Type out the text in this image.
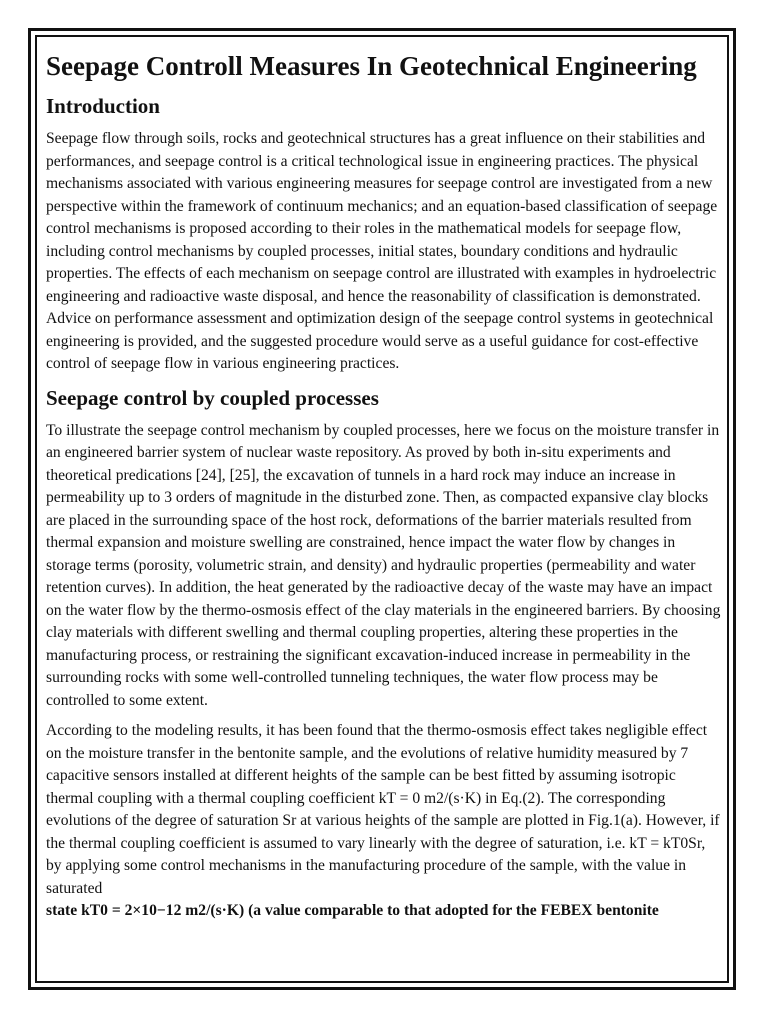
Seepage Controll Measures In Geotechnical Engineering
Introduction

Seepage flow through soils, rocks and geotechnical structures has a great influence on their stabilities and performances, and seepage control is a critical technological issue in engineering practices. The physical mechanisms associated with various engineering measures for seepage control are investigated from a new perspective within the framework of continuum mechanics; and an equation-based classification of seepage control mechanisms is proposed according to their roles in the mathematical models for seepage flow, including control mechanisms by coupled processes, initial states, boundary conditions and hydraulic properties. The effects of each mechanism on seepage control are illustrated with examples in hydroelectric engineering and radioactive waste disposal, and hence the reasonability of classification is demonstrated. Advice on performance assessment and optimization design of the seepage control systems in geotechnical engineering is provided, and the suggested procedure would serve as a useful guidance for cost-effective control of seepage flow in various engineering practices.

Seepage control by coupled processes

To illustrate the seepage control mechanism by coupled processes, here we focus on the moisture transfer in an engineered barrier system of nuclear waste repository. As proved by both in-situ experiments and theoretical predications [24], [25], the excavation of tunnels in a hard rock may induce an increase in permeability up to 3 orders of magnitude in the disturbed zone. Then, as compacted expansive clay blocks are placed in the surrounding space of the host rock, deformations of the barrier materials resulted from thermal expansion and moisture swelling are constrained, hence impact the water flow by changes in storage terms (porosity, volumetric strain, and density) and hydraulic properties (permeability and water retention curves). In addition, the heat generated by the radioactive decay of the waste may have an impact on the water flow by the thermo-osmosis effect of the clay materials in the engineered barriers. By choosing clay materials with different swelling and thermal coupling properties, altering these properties in the manufacturing process, or restraining the significant excavation-induced increase in permeability in the surrounding rocks with some well-controlled tunneling techniques, the water flow process may be controlled to some extent.

According to the modeling results, it has been found that the thermo-osmosis effect takes negligible effect on the moisture transfer in the bentonite sample, and the evolutions of relative humidity measured by 7 capacitive sensors installed at different heights of the sample can be best fitted by assuming isotropic thermal coupling with a thermal coupling coefficient kT = 0 m2/(s·K) in Eq.(2). The corresponding evolutions of the degree of saturation Sr at various heights of the sample are plotted in Fig.1(a). However, if the thermal coupling coefficient is assumed to vary linearly with the degree of saturation, i.e. kT = kT0Sr, by applying some control mechanisms in the manufacturing procedure of the sample, with the value in saturated
state kT0 = 2×10−12 m2/(s·K) (a value comparable to that adopted for the FEBEX bentonite
